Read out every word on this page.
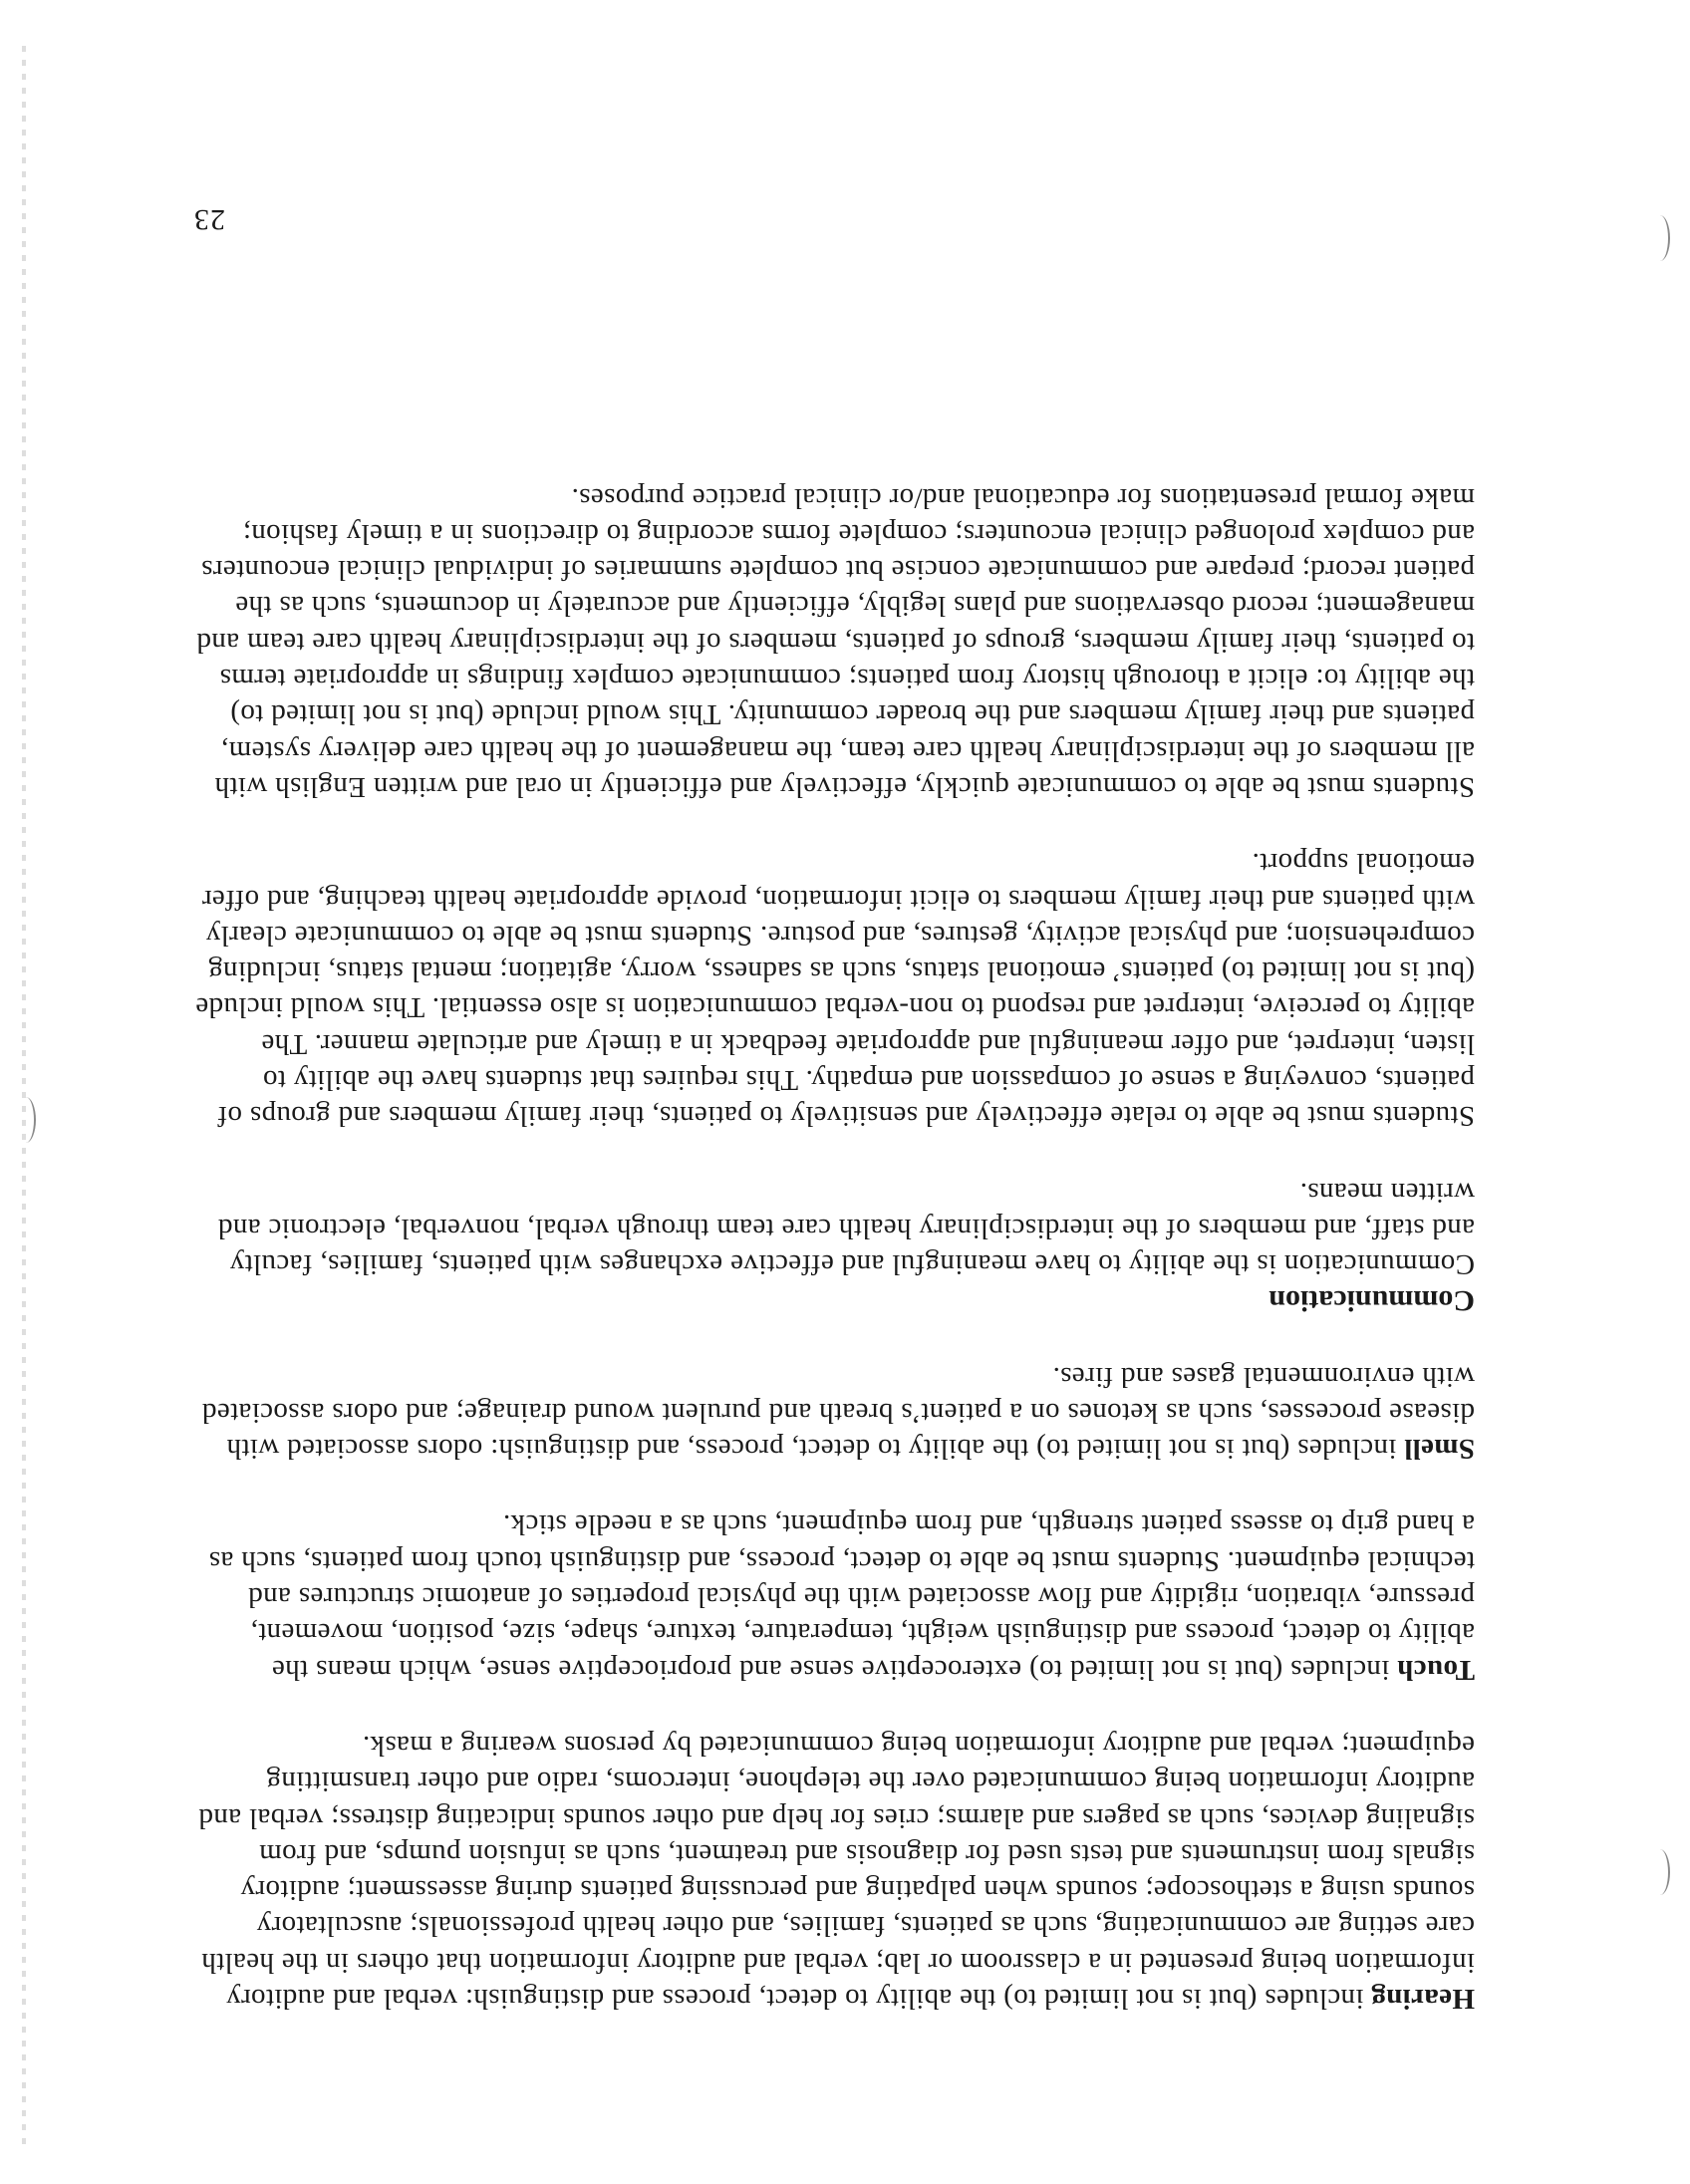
Hearing includes (but is not limited to) the ability to detect, process and distinguish: verbal and auditory information being presented in a classroom or lab; verbal and auditory information that others in the health care setting are communicating, such as patients, families, and other health professionals; auscultatory sounds using a stethoscope; sounds when palpating and percussing patients during assessment; auditory signals from instruments and tests used for diagnosis and treatment, such as infusion pumps, and from signaling devices, such as pagers and alarms; cries for help and other sounds indicating distress; verbal and auditory information being communicated over the telephone, intercoms, radio and other transmitting equipment; verbal and auditory information being communicated by persons wearing a mask.

Touch includes (but is not limited to) exteroceptive sense and proprioceptive sense, which means the ability to detect, process and distinguish weight, temperature, texture, shape, size, position, movement, pressure, vibration, rigidity and flow associated with the physical properties of anatomic structures and technical equipment. Students must be able to detect, process, and distinguish touch from patients, such as a hand grip to assess patient strength, and from equipment, such as a needle stick.

Smell includes (but is not limited to) the ability to detect, process, and distinguish: odors associated with disease processes, such as ketones on a patient’s breath and purulent wound drainage; and odors associated with environmental gases and fires.

Communication

Communication is the ability to have meaningful and effective exchanges with patients, families, faculty and staff, and members of the interdisciplinary health care team through verbal, nonverbal, electronic and written means.

Students must be able to relate effectively and sensitively to patients, their family members and groups of patients, conveying a sense of compassion and empathy. This requires that students have the ability to listen, interpret, and offer meaningful and appropriate feedback in a timely and articulate manner. The ability to perceive, interpret and respond to non-verbal communication is also essential. This would include (but is not limited to) patients’ emotional status, such as sadness, worry, agitation; mental status, including comprehension; and physical activity, gestures, and posture. Students must be able to communicate clearly with patients and their family members to elicit information, provide appropriate health teaching, and offer emotional support.

Students must be able to communicate quickly, effectively and efficiently in oral and written English with all members of the interdisciplinary health care team, the management of the health care delivery system, patients and their family members and the broader community. This would include (but is not limited to) the ability to: elicit a thorough history from patients; communicate complex findings in appropriate terms to patients, their family members, groups of patients, members of the interdisciplinary health care team and management; record observations and plans legibly, efficiently and accurately in documents, such as the patient record; prepare and communicate concise but complete summaries of individual clinical encounters and complex prolonged clinical encounters; complete forms according to directions in a timely fashion; make formal presentations for educational and/or clinical practice purposes.

23
